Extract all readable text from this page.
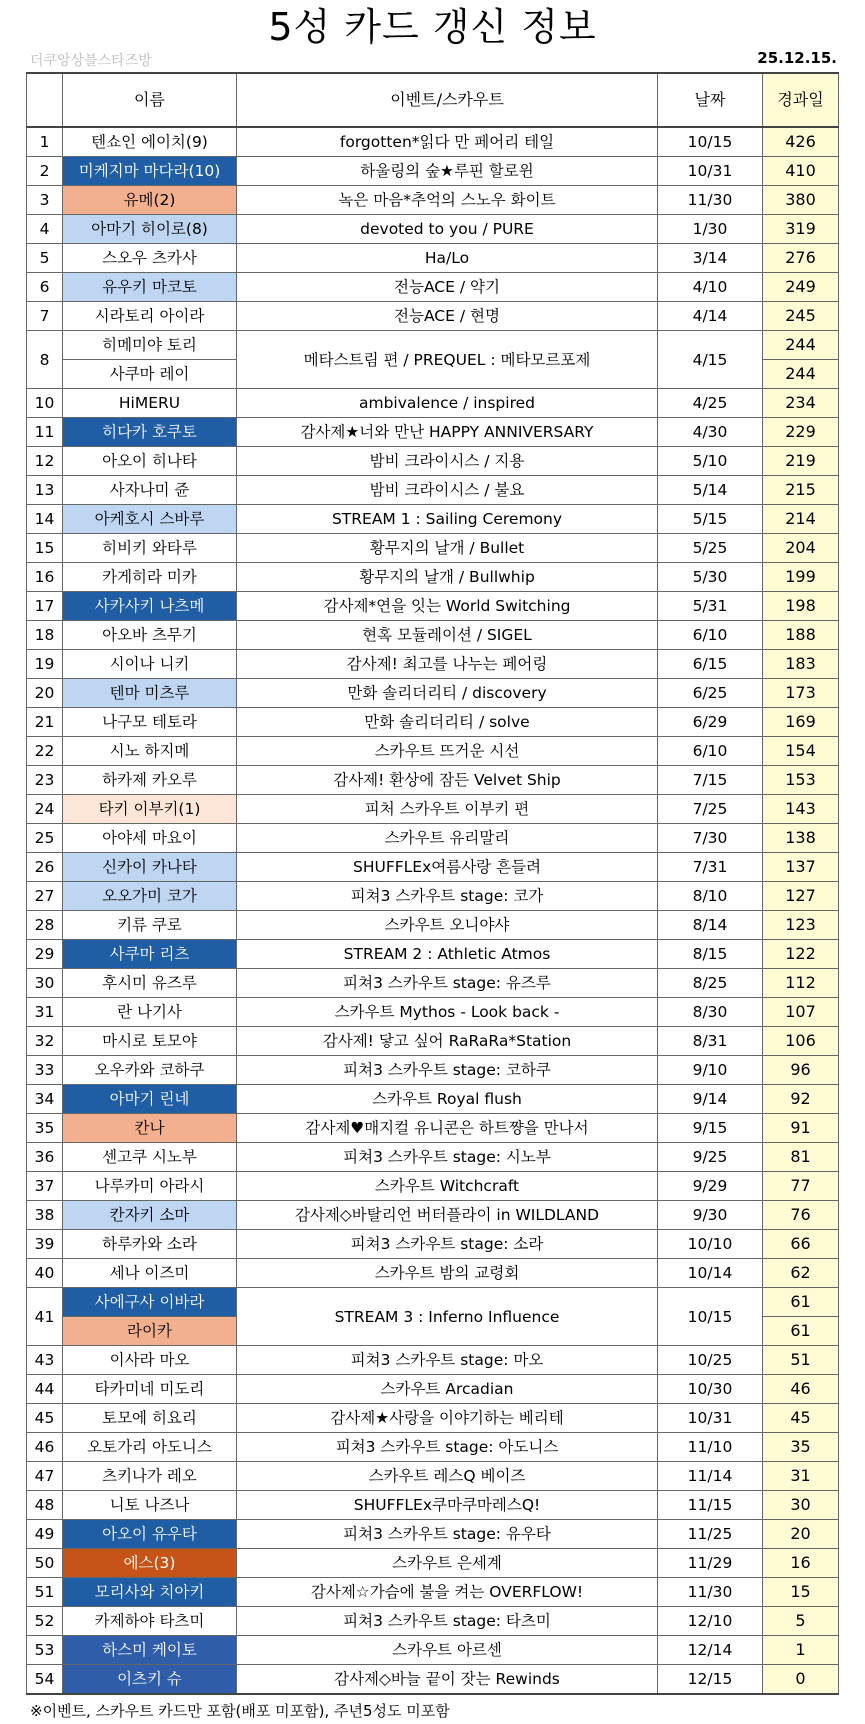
5성 카드 갱신 정보
더쿠앙상블스타즈방	25.12.15.
	이름	이벤트/스카우트	날짜	경과일
1	텐쇼인 에이치(9)	forgotten*읽다 만 페어리 테일	10/15	426
2	미케지마 마다라(10)	하울링의 숲★루핀 할로윈	10/31	410
3	유메(2)	녹은 마음*추억의 스노우 화이트	11/30	380
4	아마기 히이로(8)	devoted to you / PURE	1/30	319
5	스오우 츠카사	Ha/Lo	3/14	276
6	유우키 마코토	전능ACE / 약기	4/10	249
7	시라토리 아이라	전능ACE / 현명	4/14	245
8	히메미야 토리	메타스트림 편 / PREQUEL : 메타모르포제	4/15	244
	사쿠마 레이			244
10	HiMERU	ambivalence / inspired	4/25	234
11	히다카 호쿠토	감사제★너와 만난 HAPPY ANNIVERSARY	4/30	229
12	아오이 히나타	밤비 크라이시스 / 지용	5/10	219
13	사자나미 쥰	밤비 크라이시스 / 불요	5/14	215
14	아케호시 스바루	STREAM 1 : Sailing Ceremony	5/15	214
15	히비키 와타루	황무지의 날개 / Bullet	5/25	204
16	카게히라 미카	황무지의 날개 / Bullwhip	5/30	199
17	사카사키 나츠메	감사제*연을 잇는 World Switching	5/31	198
18	아오바 츠무기	현혹 모듈레이션 / SIGEL	6/10	188
19	시이나 니키	감사제! 최고를 나누는 페어링	6/15	183
20	텐마 미츠루	만화 솔리더리티 / discovery	6/25	173
21	나구모 테토라	만화 솔리더리티 / solve	6/29	169
22	시노 하지메	스카우트 뜨거운 시선	6/10	154
23	하카제 카오루	감사제! 환상에 잠든 Velvet Ship	7/15	153
24	타키 이부키(1)	피처 스카우트 이부키 편	7/25	143
25	아야세 마요이	스카우트 유리말리	7/30	138
26	신카이 카나타	SHUFFLEx여름사랑 흔들려	7/31	137
27	오오가미 코가	피쳐3 스카우트 stage: 코가	8/10	127
28	키류 쿠로	스카우트 오니야샤	8/14	123
29	사쿠마 리츠	STREAM 2 : Athletic Atmos	8/15	122
30	후시미 유즈루	피쳐3 스카우트 stage: 유즈루	8/25	112
31	란 나기사	스카우트 Mythos - Look back -	8/30	107
32	마시로 토모야	감사제! 닿고 싶어 RaRaRa*Station	8/31	106
33	오우카와 코하쿠	피쳐3 스카우트 stage: 코하쿠	9/10	96
34	아마기 린네	스카우트 Royal flush	9/14	92
35	칸나	감사제♥매지컬 유니콘은 하트쨩을 만나서	9/15	91
36	센고쿠 시노부	피쳐3 스카우트 stage: 시노부	9/25	81
37	나루카미 아라시	스카우트 Witchcraft	9/29	77
38	칸자키 소마	감사제◇바탈리언 버터플라이 in WILDLAND	9/30	76
39	하루카와 소라	피쳐3 스카우트 stage: 소라	10/10	66
40	세나 이즈미	스카우트 밤의 교령회	10/14	62
41	사에구사 이바라	STREAM 3 : Inferno Influence	10/15	61
	라이카			61
43	이사라 마오	피쳐3 스카우트 stage: 마오	10/25	51
44	타카미네 미도리	스카우트 Arcadian	10/30	46
45	토모에 히요리	감사제★사랑을 이야기하는 베리테	10/31	45
46	오토가리 아도니스	피쳐3 스카우트 stage: 아도니스	11/10	35
47	츠키나가 레오	스카우트 레스Q 베이즈	11/14	31
48	니토 나즈나	SHUFFLEx쿠마쿠마레스Q!	11/15	30
49	아오이 유우타	피쳐3 스카우트 stage: 유우타	11/25	20
50	에스(3)	스카우트 은세계	11/29	16
51	모리사와 치아키	감사제☆가슴에 불을 켜는 OVERFLOW!	11/30	15
52	카제하야 타츠미	피쳐3 스카우트 stage: 타츠미	12/10	5
53	하스미 케이토	스카우트 아르센	12/14	1
54	이츠키 슈	감사제◇바늘 끝이 잣는 Rewinds	12/15	0
※이벤트, 스카우트 카드만 포함(배포 미포함), 주년5성도 미포함
